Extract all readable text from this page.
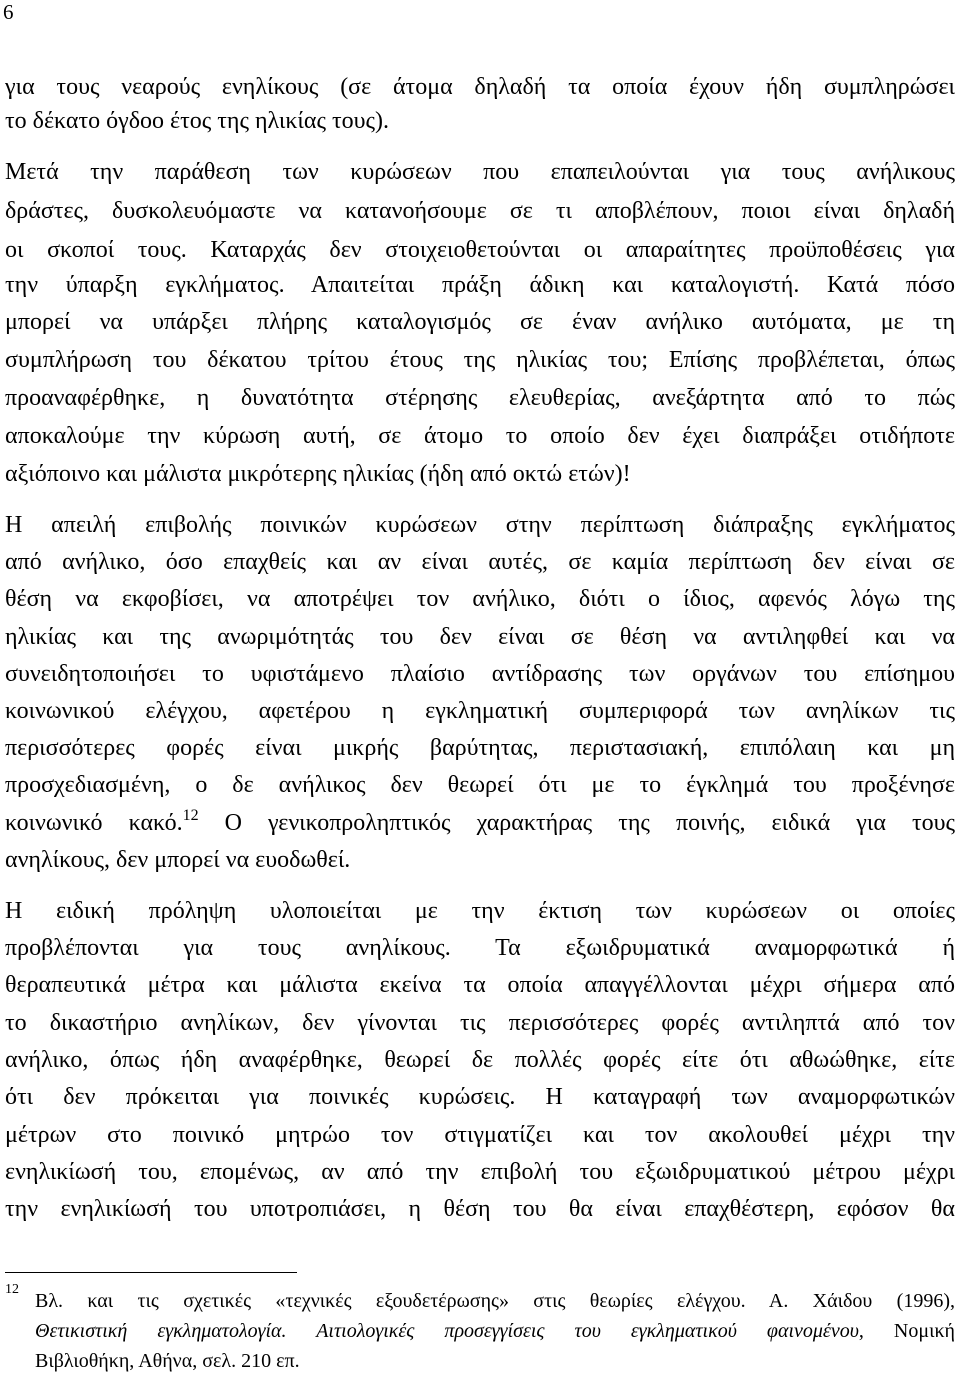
6
για τους νεαρούς ενηλίκους (σε άτομα δηλαδή τα οποία έχουν ήδη συμπληρώσει
το δέκατο όγδοο έτος της ηλικίας τους).
Μετά την παράθεση των κυρώσεων που επαπειλούνται για τους ανήλικους
δράστες, δυσκολευόμαστε να κατανοήσουμε σε τι αποβλέπουν, ποιοι είναι δηλαδή
οι σκοποί τους. Καταρχάς δεν στοιχειοθετούνται οι απαραίτητες προϋποθέσεις για
την ύπαρξη εγκλήματος. Απαιτείται πράξη άδικη και καταλογιστή. Κατά πόσο
μπορεί να υπάρξει πλήρης καταλογισμός σε έναν ανήλικο αυτόματα, με τη
συμπλήρωση του δέκατου τρίτου έτους της ηλικίας του; Επίσης προβλέπεται, όπως
προαναφέρθηκε, η δυνατότητα στέρησης ελευθερίας, ανεξάρτητα από το πώς
αποκαλούμε την κύρωση αυτή, σε άτομο το οποίο δεν έχει διαπράξει οτιδήποτε
αξιόποινο και μάλιστα μικρότερης ηλικίας (ήδη από οκτώ ετών)!
Η απειλή επιβολής ποινικών κυρώσεων στην περίπτωση διάπραξης εγκλήματος
από ανήλικο, όσο επαχθείς και αν είναι αυτές, σε καμία περίπτωση δεν είναι σε
θέση να εκφοβίσει, να αποτρέψει τον ανήλικο, διότι ο ίδιος, αφενός λόγω της
ηλικίας και της ανωριμότητάς του δεν είναι σε θέση να αντιληφθεί και να
συνειδητοποιήσει το υφιστάμενο πλαίσιο αντίδρασης των οργάνων του επίσημου
κοινωνικού ελέγχου, αφετέρου η εγκληματική συμπεριφορά των ανηλίκων τις
περισσότερες φορές είναι μικρής βαρύτητας, περιστασιακή, επιπόλαιη και μη
προσχεδιασμένη, ο δε ανήλικος δεν θεωρεί ότι με το έγκλημά του προξένησε
κοινωνικό κακό.$^{12}$ Ο γενικοπροληπτικός χαρακτήρας της ποινής, ειδικά για τους
ανηλίκους, δεν μπορεί να ευοδωθεί.
Η ειδική πρόληψη υλοποιείται με την έκτιση των κυρώσεων οι οποίες
προβλέπονται για τους ανηλίκους. Τα εξωιδρυματικά αναμορφωτικά ή
θεραπευτικά μέτρα και μάλιστα εκείνα τα οποία απαγγέλλονται μέχρι σήμερα από
το δικαστήριο ανηλίκων, δεν γίνονται τις περισσότερες φορές αντιληπτά από τον
ανήλικο, όπως ήδη αναφέρθηκε, θεωρεί δε πολλές φορές είτε ότι αθωώθηκε, είτε
ότι δεν πρόκειται για ποινικές κυρώσεις. Η καταγραφή των αναμορφωτικών
μέτρων στο ποινικό μητρώο τον στιγματίζει και τον ακολουθεί μέχρι την
ενηλικίωσή του, επομένως, αν από την επιβολή του εξωιδρυματικού μέτρου μέχρι
την ενηλικίωσή του υποτροπιάσει, η θέση του θα είναι επαχθέστερη, εφόσον θα
12
Βλ. και τις σχετικές «τεχνικές εξουδετέρωσης» στις θεωρίες ελέγχου. Α. Χάιδου (1996),
Θετικιστική εγκληματολογία. Αιτιολογικές προσεγγίσεις του εγκληματικού φαινομένου, Νομική
Βιβλιοθήκη, Αθήνα, σελ. 210 επ.
